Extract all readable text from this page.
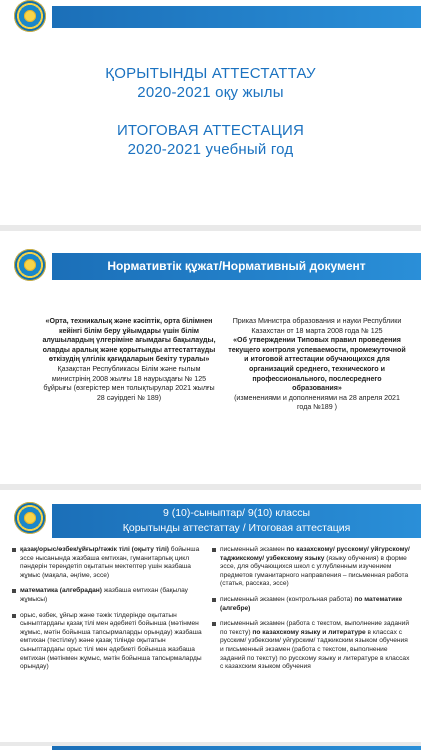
ҚОРЫТЫНДЫ АТТЕСТАТТАУ
2020-2021 оқу жылы
ИТОГОВАЯ АТТЕСТАЦИЯ
2020-2021 учебный год
Нормативтік құжат/Нормативный документ
«Орта, техникалық және кәсіптік, орта білімнен кейінгі білім беру ұйымдары үшін білім алушылардың үлгеріміне ағымдағы бақылауды, оларды аралық және қорытынды аттестаттауды өткізудің үлгілік қағидаларын бекіту туралы»
Қазақстан Республикасы Білім және ғылым министрінің 2008 жылғы 18 наурыздағы № 125 бұйрығы (өзгерістер мен толықтырулар 2021 жылғы 28 сәуірдегі № 189)
Приказ Министра образования и науки Республики Казахстан от 18 марта 2008 года № 125
«Об утверждении Типовых правил проведения текущего контроля успеваемости, промежуточной и итоговой аттестации обучающихся для организаций среднего, технического и профессионального, послесреднего образования»
(изменениями и дополнениями на 28 апреля 2021 года №189 )
9 (10)-сыныптар/ 9(10) классы
Қорытынды аттестаттау / Итоговая аттестация
қазақ/орыс/өзбек/ұйғыр/тәжік тілі (оқыту тілі) бойынша эссе нысанында жазбаша емтихан, гуманитарлық цикл пәндерін тереңдетіп оқытатын мектептер үшін жазбаша жұмыс (мақала, әңгіме, эссе)
математика (алгебрадан) жазбаша емтихан (бақылау жұмысы)
орыс, өзбек, ұйғыр және тәжік тілдерінде оқытатын сыныптардағы қазақ тілі мен әдебиеті бойынша (мәтінмен жұмыс, мәтін бойынша тапсырмаларды орындау) жазбаша емтихан (тестілеу) және қазақ тілінде оқытатын сыныптардағы орыс тілі мен әдебиеті бойынша жазбаша емтихан (мәтінмен жұмыс, мәтін бойынша тапсырмаларды орындау)
письменный экзамен по казахскому/ русскому/ уйгурскому/ таджикскому/ узбекскому языку (языку обучения) в форме эссе, для обучающихся школ с углубленным изучением предметов гуманитарного направления – письменная работа (статья, рассказ, эссе)
письменный экзамен (контрольная работа) по математике (алгебре)
письменный экзамен (работа с текстом, выполнение заданий по тексту) по казахскому языку и литературе в классах с русским/ узбекским/ уйгурским/ таджикским языком обучения и письменный экзамен (работа с текстом, выполнение заданий по тексту) по русскому языку и литературе в классах с казахским языком обучения
